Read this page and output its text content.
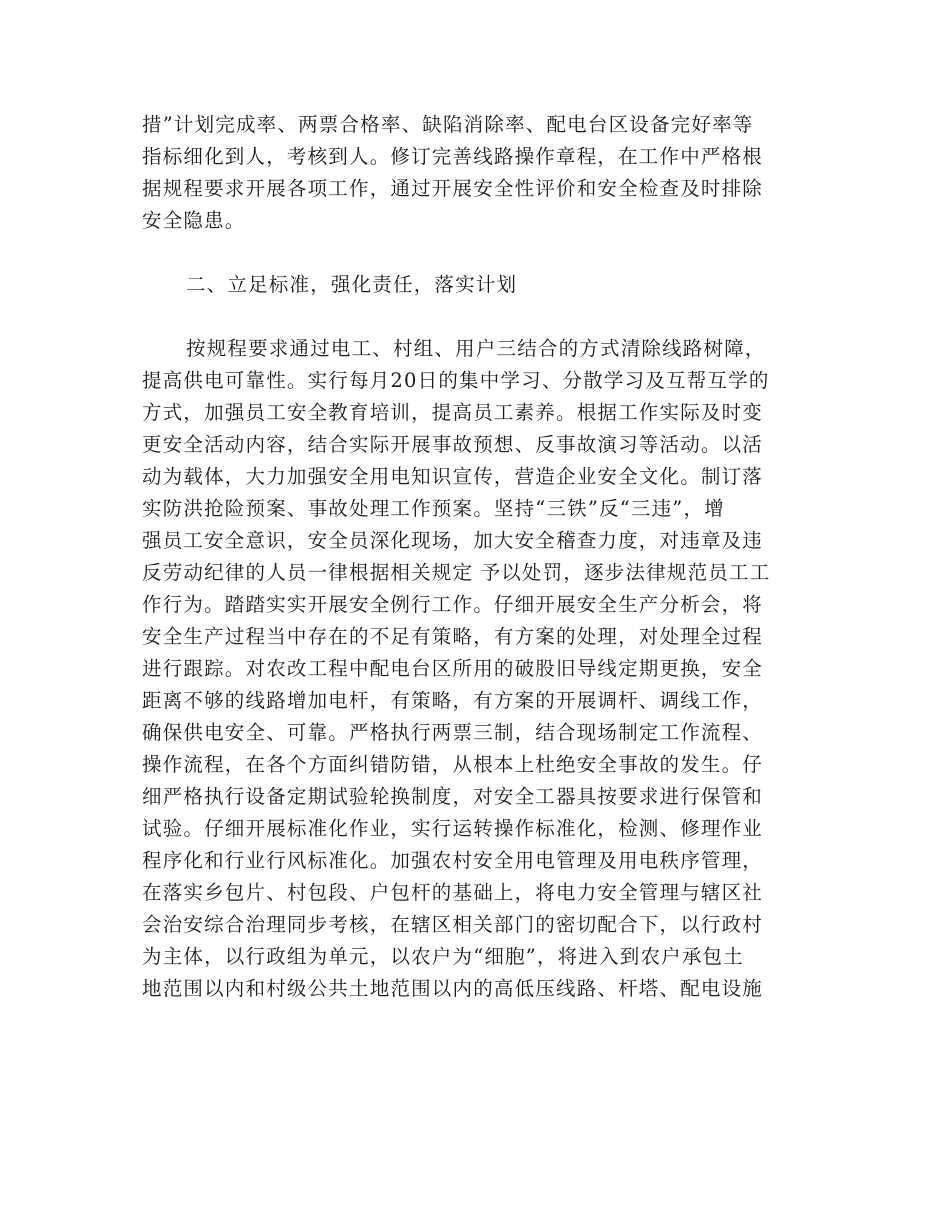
措”计划完成率、两票合格率、缺陷消除率、配电台区设备完好率等
指标细化到人，考核到人。修订完善线路操作章程，在工作中严格根
据规程要求开展各项工作，通过开展安全性评价和安全检查及时排除
安全隐患。
二、立足标准，强化责任，落实计划
按规程要求通过电工、村组、用户三结合的方式清除线路树障，
提高供电可靠性。实行每月20日的集中学习、分散学习及互帮互学的
方式，加强员工安全教育培训，提高员工素养。根据工作实际及时变
更安全活动内容，结合实际开展事故预想、反事故演习等活动。以活
动为载体，大力加强安全用电知识宣传，营造企业安全文化。制订落
实防洪抢险预案、事故处理工作预案。坚持“三铁”反“三违”，增
强员工安全意识，安全员深化现场，加大安全稽查力度，对违章及违
反劳动纪律的人员一律根据相关规定 予以处罚，逐步法律规范员工工
作行为。踏踏实实开展安全例行工作。仔细开展安全生产分析会，将
安全生产过程当中存在的不足有策略，有方案的处理，对处理全过程
进行跟踪。对农改工程中配电台区所用的破股旧导线定期更换，安全
距离不够的线路增加电杆，有策略，有方案的开展调杆、调线工作，
确保供电安全、可靠。严格执行两票三制，结合现场制定工作流程、
操作流程，在各个方面纠错防错，从根本上杜绝安全事故的发生。仔
细严格执行设备定期试验轮换制度，对安全工器具按要求进行保管和
试验。仔细开展标准化作业，实行运转操作标准化，检测、修理作业
程序化和行业行风标准化。加强农村安全用电管理及用电秩序管理，
在落实乡包片、村包段、户包杆的基础上，将电力安全管理与辖区社
会治安综合治理同步考核，在辖区相关部门的密切配合下，以行政村
为主体，以行政组为单元，以农户为“细胞”，将进入到农户承包土
地范围以内和村级公共土地范围以内的高低压线路、杆塔、配电设施
